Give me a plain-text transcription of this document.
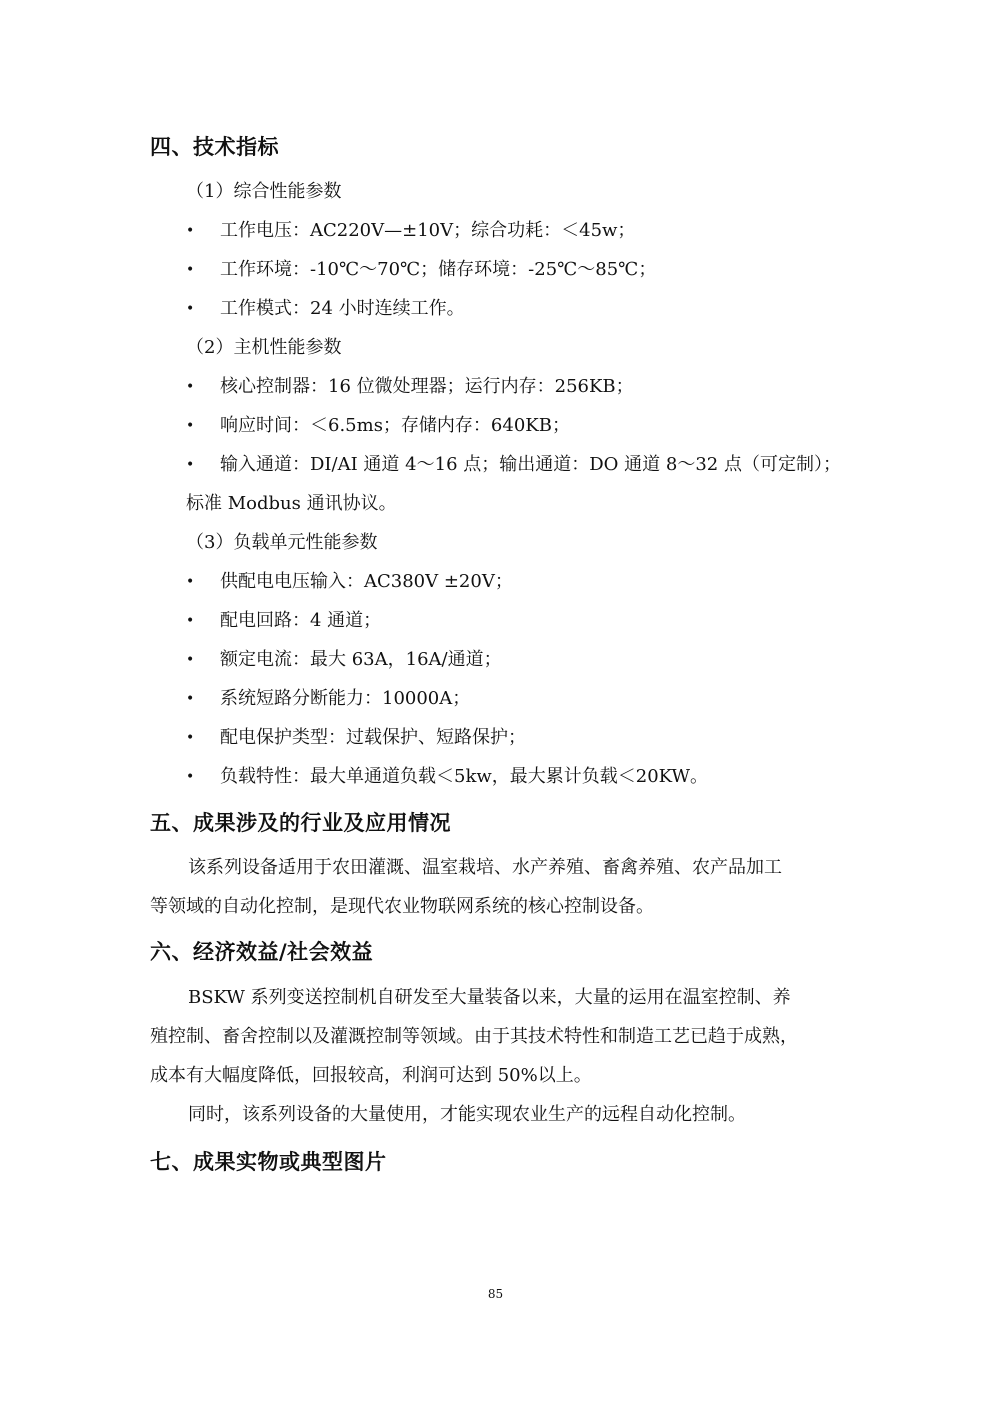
四、技术指标
（1）综合性能参数
•	工作电压：AC220V—±10V；综合功耗：＜45w；
•	工作环境：-10℃～70℃；储存环境：-25℃～85℃；
•	工作模式：24 小时连续工作。
（2）主机性能参数
•	核心控制器：16 位微处理器；运行内存：256KB；
•	响应时间：＜6.5ms；存储内存：640KB；
•	输入通道：DI/AI 通道 4～16 点；输出通道：DO 通道 8～32 点（可定制）；
标准 Modbus 通讯协议。
（3）负载单元性能参数
•	供配电电压输入：AC380V ±20V；
•	配电回路：4 通道；
•	额定电流：最大 63A，16A/通道；
•	系统短路分断能力：10000A；
•	配电保护类型：过载保护、短路保护；
•	负载特性：最大单通道负载＜5kw，最大累计负载＜20KW。
五、成果涉及的行业及应用情况
该系列设备适用于农田灌溉、温室栽培、水产养殖、畜禽养殖、农产品加工
等领域的自动化控制，是现代农业物联网系统的核心控制设备。
六、经济效益/社会效益
BSKW 系列变送控制机自研发至大量装备以来，大量的运用在温室控制、养
殖控制、畜舍控制以及灌溉控制等领域。由于其技术特性和制造工艺已趋于成熟，
成本有大幅度降低，回报较高，利润可达到 50%以上。
同时，该系列设备的大量使用，才能实现农业生产的远程自动化控制。
七、成果实物或典型图片
85
